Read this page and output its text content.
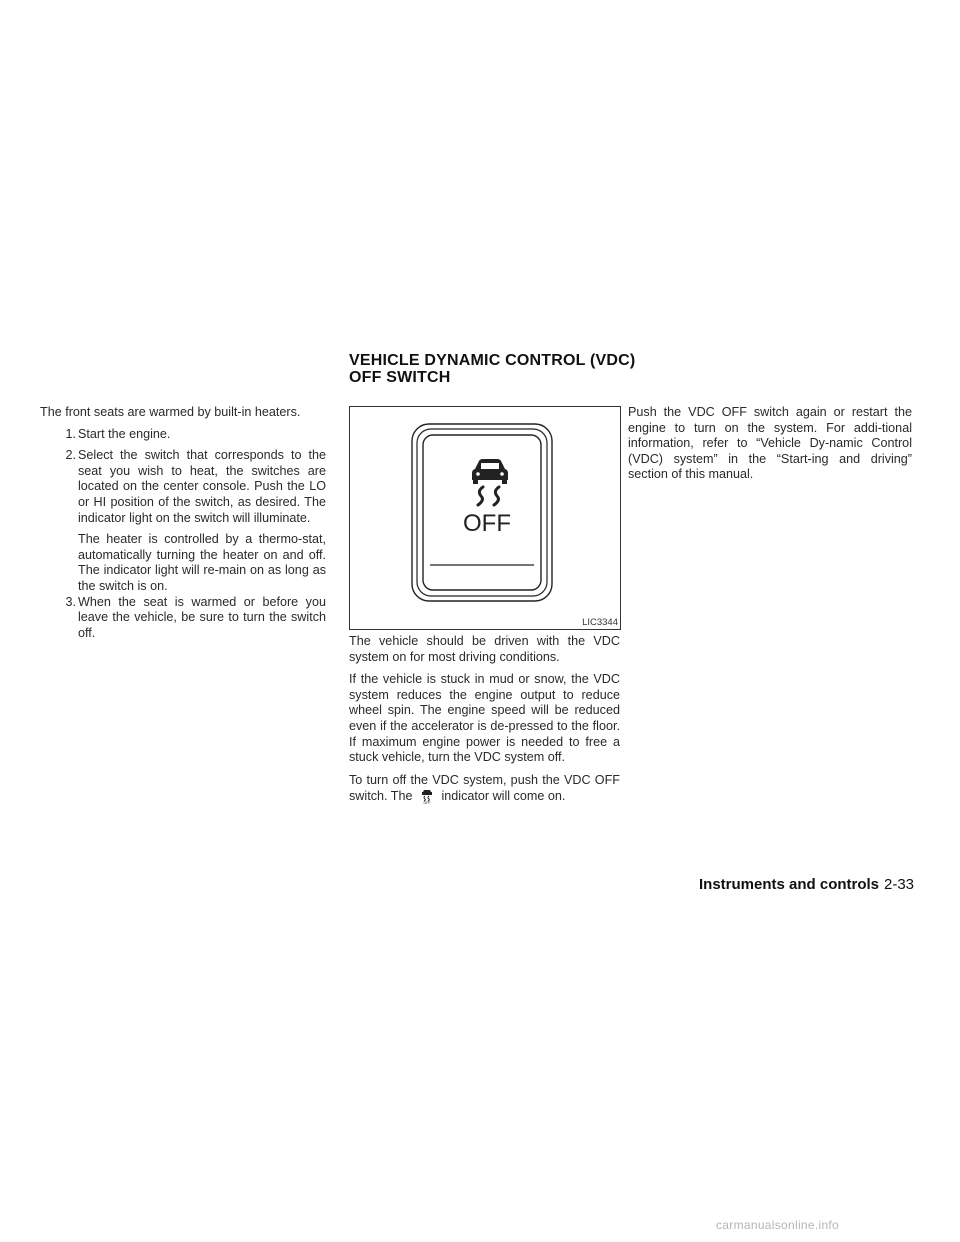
VEHICLE DYNAMIC CONTROL (VDC)
OFF SWITCH

The front seats are warmed by built-in heaters.

1 . Start the engine.
2 . Select the switch that corresponds to the seat you wish to heat, the switches are located on the center console. Push the LO or HI position of the switch, as desired. The indicator light on the switch will illuminate.

The heater is controlled by a thermo-stat, automatically turning the heater on and off. The indicator light will re-main on as long as the switch is on.

3 . When the seat is warmed or before you leave the vehicle, be sure to turn the switch off.
OFF
LIC3344

The vehicle should be driven with the VDC system on for most driving conditions.

If the vehicle is stuck in mud or snow, the VDC system reduces the engine output to reduce wheel spin. The engine speed will be reduced even if the accelerator is de-pressed to the floor. If maximum engine power is needed to free a stuck vehicle, turn the VDC system off.

To turn off the VDC system, push the VDC OFF switch. The	OFF indicator will come on.

Push the VDC OFF switch again or restart the engine to turn on the system. For addi-tional information, refer to “Vehicle Dy-namic Control (VDC) system” in the “Start-ing and driving” section of this manual.

Instruments and controls 2-33
carmanualsonline.info
